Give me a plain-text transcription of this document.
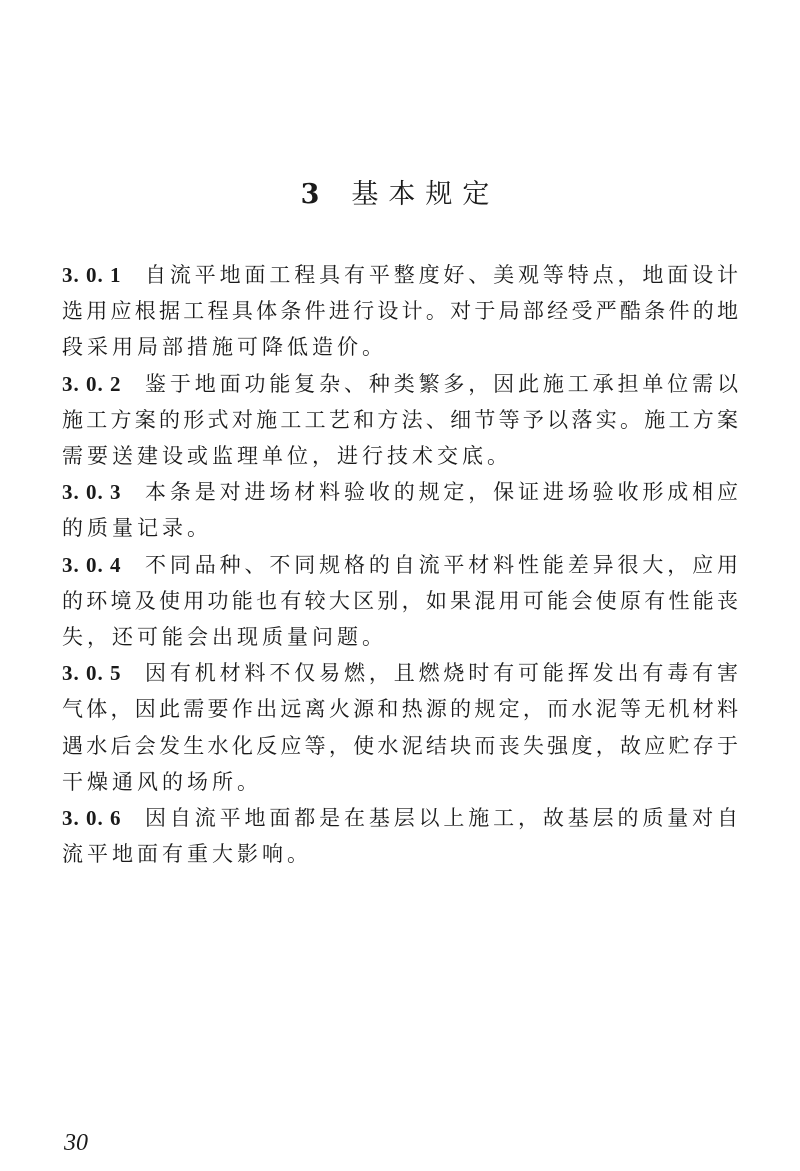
3 基本规定
3. 0. 1 自流平地面工程具有平整度好、美观等特点，地面设计
选用应根据工程具体条件进行设计。对于局部经受严酷条件的地
段采用局部措施可降低造价。
3. 0. 2 鉴于地面功能复杂、种类繁多，因此施工承担单位需以
施工方案的形式对施工工艺和方法、细节等予以落实。施工方案
需要送建设或监理单位，进行技术交底。
3. 0. 3 本条是对进场材料验收的规定，保证进场验收形成相应
的质量记录。
3. 0. 4 不同品种、不同规格的自流平材料性能差异很大，应用
的环境及使用功能也有较大区别，如果混用可能会使原有性能丧
失，还可能会出现质量问题。
3. 0. 5 因有机材料不仅易燃，且燃烧时有可能挥发出有毒有害
气体，因此需要作出远离火源和热源的规定，而水泥等无机材料
遇水后会发生水化反应等，使水泥结块而丧失强度，故应贮存于
干燥通风的场所。
3. 0. 6 因自流平地面都是在基层以上施工，故基层的质量对自
流平地面有重大影响。
30
